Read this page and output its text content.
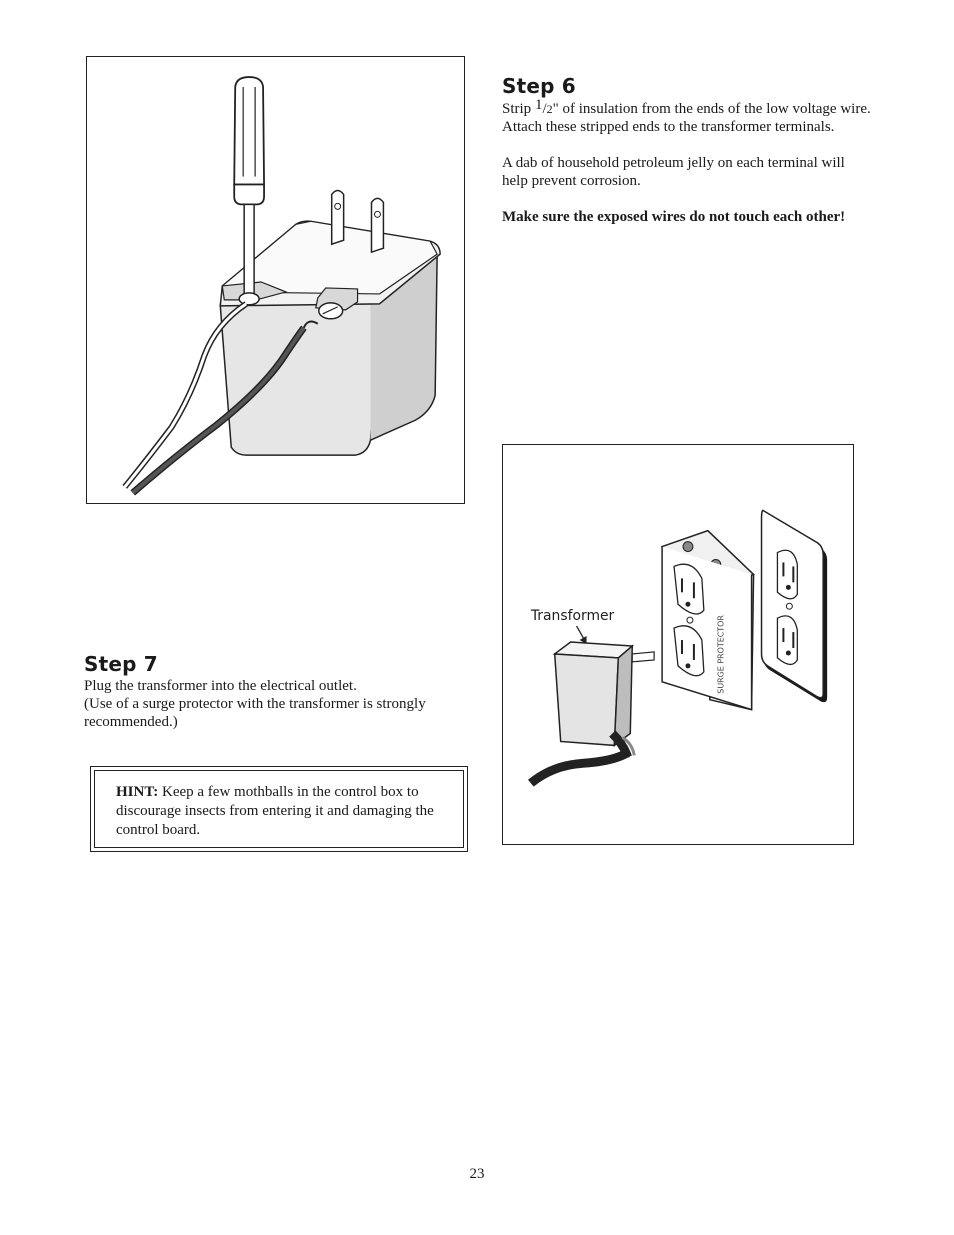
Step 6

Strip 1/2" of insulation from the ends of the low voltage wire. Attach these stripped ends to the transformer terminals.

A dab of household petroleum jelly on each terminal will help prevent corrosion.

Make sure the exposed wires do not touch each other!

SURGE PROTECTOR
Transformer
Step 7

Plug the transformer into the electrical outlet.

(Use of a surge protector with the transformer is strongly recommended.)

HINT: Keep a few mothballs in the control box to discourage insects from entering it and damaging the control board.
23
